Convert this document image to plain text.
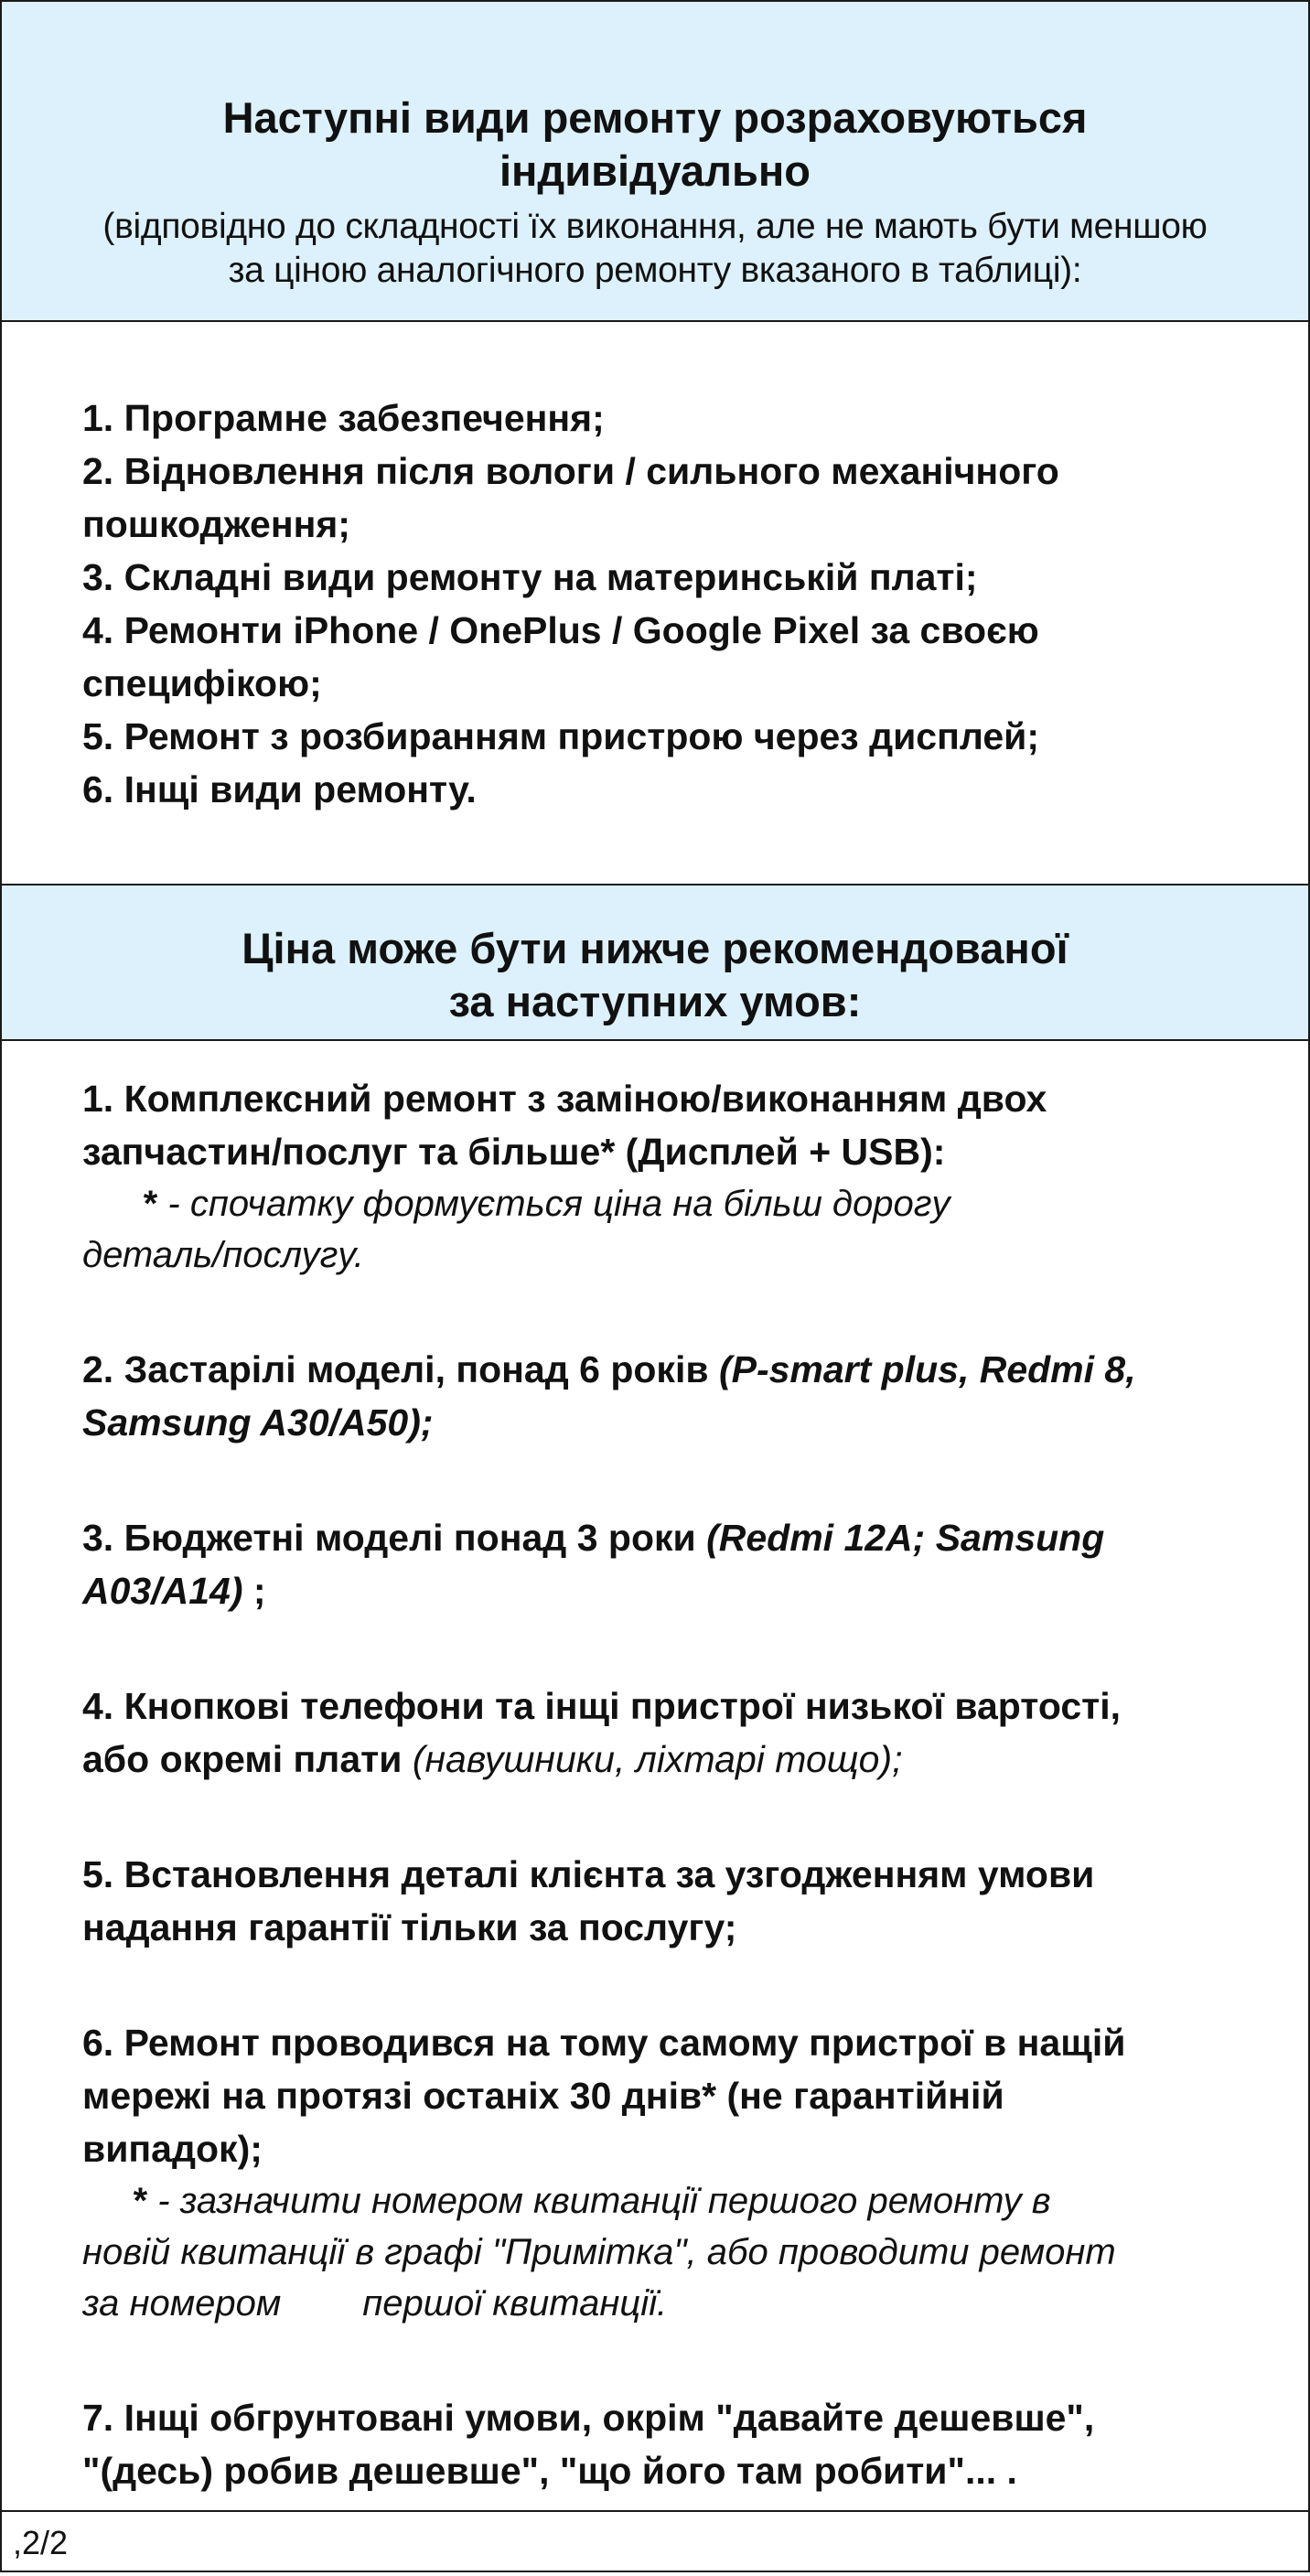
Наступні види ремонту розраховуються
індивідуально
(відповідно до складності їх виконання, але не мають бути меншою
за ціною аналогічного ремонту вказаного в таблиці):
1. Програмне забезпечення;
2. Відновлення після вологи / сильного механічного
пошкодження;
3. Складні види ремонту на материнській платі;
4. Ремонти iPhone / OnePlus / Google Pixel за своєю
специфікою;
5. Ремонт з розбиранням пристрою через дисплей;
6. Інщі види ремонту.
Ціна може бути нижче рекомендованої
за наступних умов:
1. Комплексний ремонт з заміною/виконанням двох
запчастин/послуг та більше* (Дисплей + USB):
* - спочатку формується ціна на більш дорогу
деталь/послугу.
2. Застарілі моделі, понад 6 років (P-smart plus, Redmi 8,
Samsung A30/A50);
3. Бюджетні моделі понад 3 роки (Redmi 12A; Samsung
A03/A14) ;
4. Кнопкові телефони та інщі пристрої низької вартості,
або окремі плати (навушники, ліхтарі тощо);
5. Встановлення деталі клієнта за узгодженням умови
надання гарантії тільки за послугу;
6. Ремонт проводився на тому самому пристрої в нащій
мережі на протязі останіх 30 днів* (не гарантійній
випадок);
* - зазначити номером квитанції першого ремонту в
новій квитанції в графі "Примітка", або проводити ремонт
за номером        першої квитанції.
7. Інщі обгрунтовані умови, окрім "давайте дешевше",
"(десь) робив дешевше", "що його там робити"... .
,2/2
